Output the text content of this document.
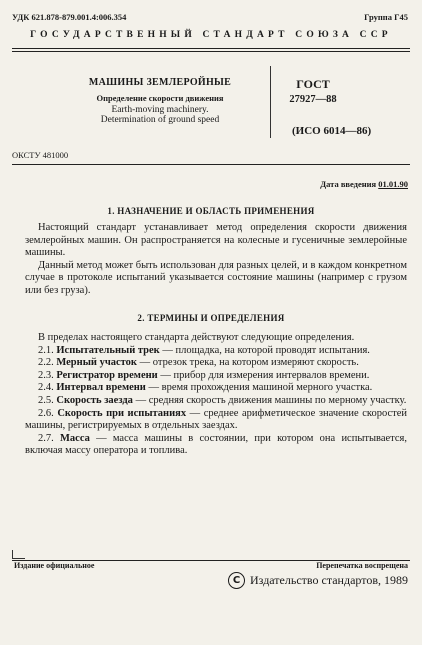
УДК 621.878-879.001.4:006.354	Группа Г45
ГОСУДАРСТВЕННЫЙ СТАНДАРТ СОЮЗА ССР
МАШИНЫ ЗЕМЛЕРОЙНЫЕ
Определение скорости движения
Earth-moving machinery.
Determination of ground speed
ГОСТ
27927—88
(ИСО 6014—86)
ОКСТУ 481000
Дата введения 01.01.90
1. НАЗНАЧЕНИЕ И ОБЛАСТЬ ПРИМЕНЕНИЯ

Настоящий стандарт устанавливает метод определения скорости движения землеройных машин. Он распространяется на колесные и гусеничные землеройные машины.

Данный метод может быть использован для разных целей, и в каждом конкретном случае в протоколе испытаний указывается состояние машины (например с грузом или без груза).

2. ТЕРМИНЫ И ОПРЕДЕЛЕНИЯ

В пределах настоящего стандарта действуют следующие определения.

2.1. Испытательный трек — площадка, на которой проводят испытания.

2.2. Мерный участок — отрезок трека, на котором измеряют скорость.

2.3. Регистратор времени — прибор для измерения интервалов времени.

2.4. Интервал времени — время прохождения машиной мерного участка.

2.5. Скорость заезда — средняя скорость движения машины по мерному участку.

2.6. Скорость при испытаниях — среднее арифметическое значение скоростей машины, регистрируемых в отдельных заездах.

2.7. Масса — масса машины в состоянии, при котором она испытывается, включая массу оператора и топлива.

Издание официальное	Перепечатка воспрещена
C Издательство стандартов, 1989
